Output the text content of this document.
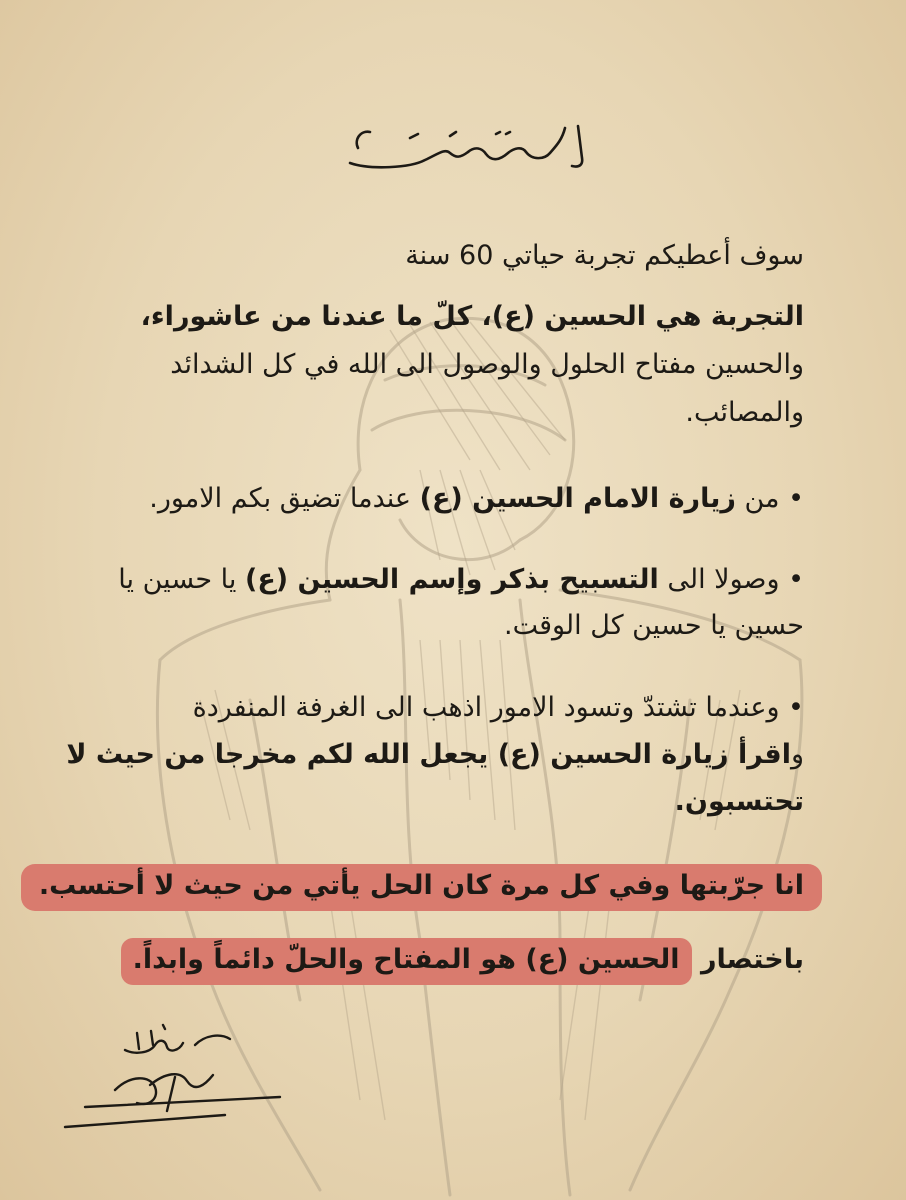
سوف أعطيكم تجربة حياتي 60 سنة

التجربة هي الحسين (ع)، كلّ ما عندنا من عاشوراء،

والحسين مفتاح الحلول والوصول الى الله في كل الشدائد

والمصائب.

• من زيارة الامام الحسين (ع) عندما تضيق بكم الامور.

• وصولا الى التسبيح بذكر وإسم الحسين (ع) يا حسين يا

حسين يا حسين كل الوقت.

• وعندما تشتدّ وتسود الامور اذهب الى الغرفة المنفردة

واقرأ زيارة الحسين (ع) يجعل الله لكم مخرجا من حيث لا

تحتسبون.

انا جرّبتها وفي كل مرة كان الحل يأتي من حيث لا أحتسب.

باختصار الحسين (ع) هو المفتاح والحلّ دائماً وابداً.
